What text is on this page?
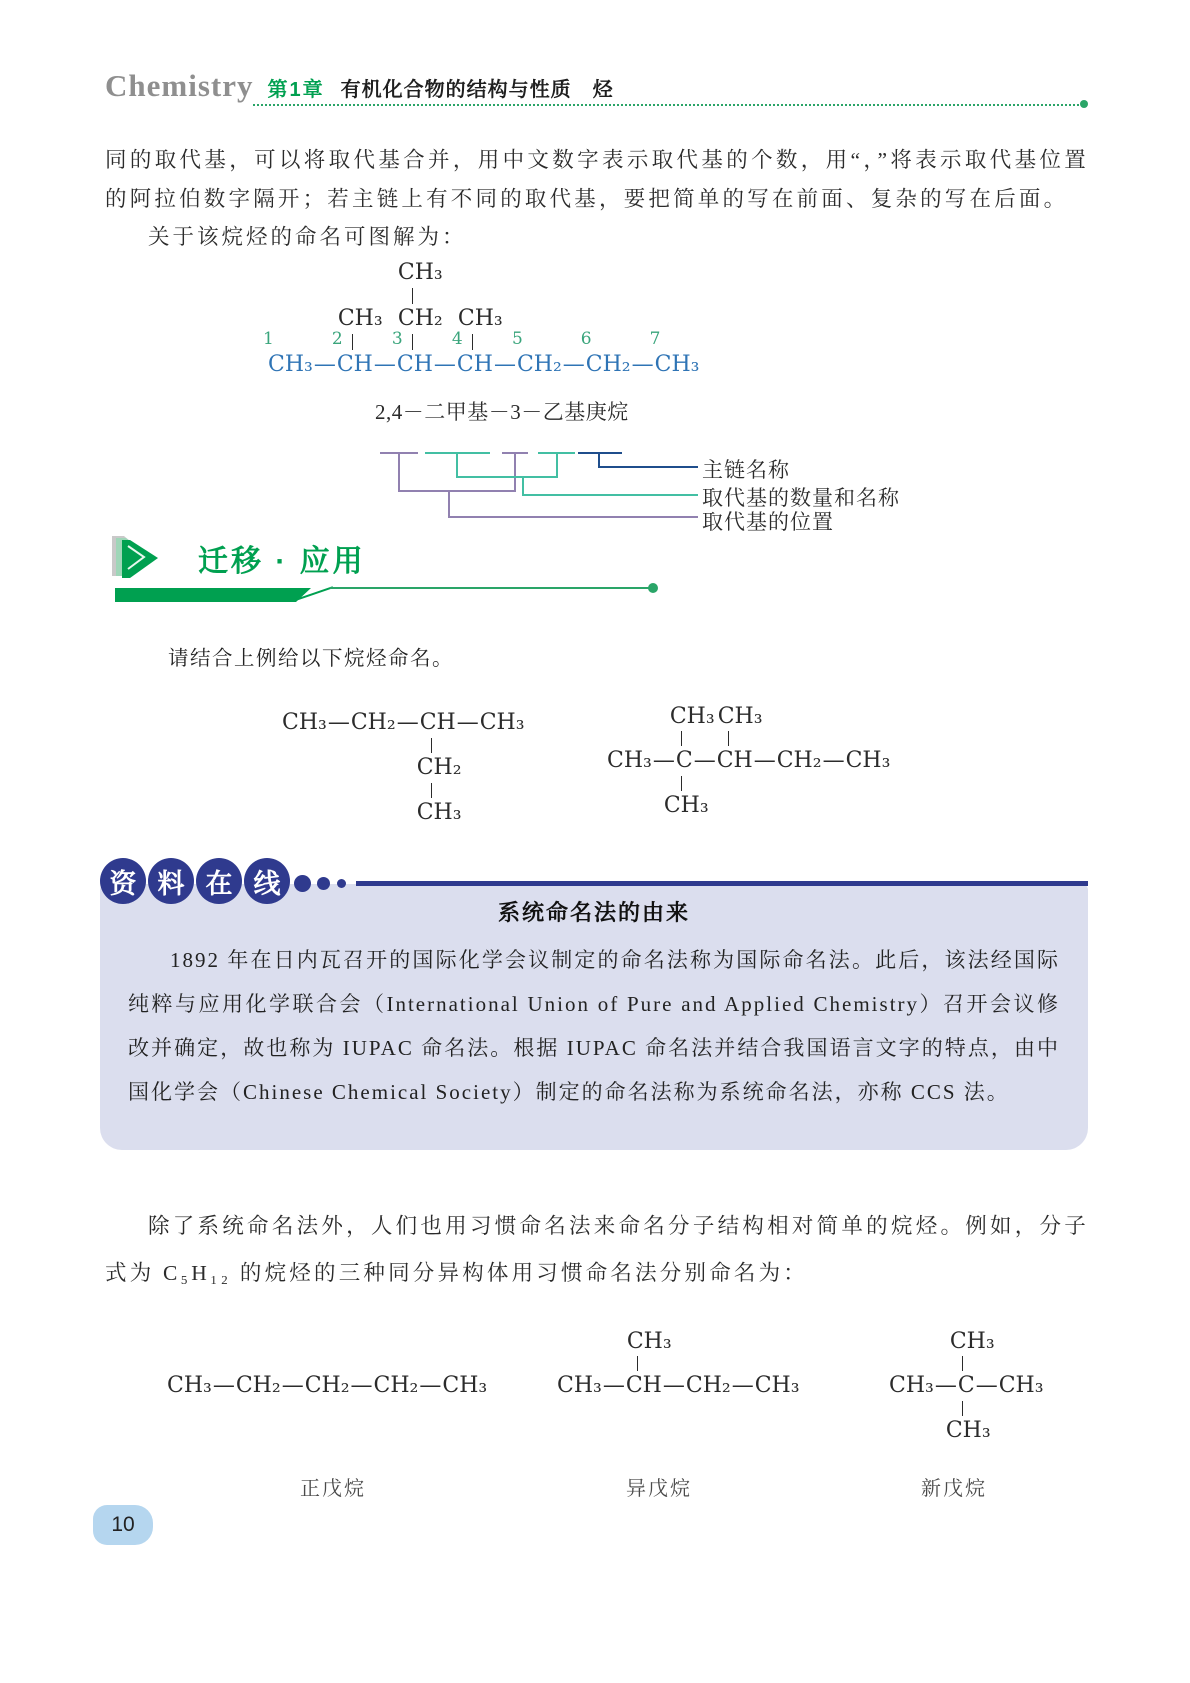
Chemistry 第1章 有机化合物的结构与性质　烃
同的取代基，可以将取代基合并，用中文数字表示取代基的个数，用“，”将表示取代基位置的阿拉伯数字隔开；若主链上有不同的取代基，要把简单的写在前面、复杂的写在后面。
关于该烷烃的命名可图解为：
1
CH₃ —
2
CH₃
CH —
3
CH₂
CH₃
CH —
4
CH₃
CH —
5
CH₂ —
6
CH₂ —
7
CH₃
2,4－二甲基－3－乙基庚烷
主链名称
取代基的数量和名称
取代基的位置
迁移 · 应用
请结合上例给以下烷烃命名。
CH₃ — CH₂ — CH
CH₂
CH₃
— CH₃
CH₃ —
CH₃
C
CH₃
—
CH₃
CH — CH₂ — CH₃
资 料 在 线
系统命名法的由来
1892 年在日内瓦召开的国际化学会议制定的命名法称为国际命名法。此后，该法经国际纯粹与应用化学联合会（International Union of Pure and Applied Chemistry）召开会议修改并确定，故也称为 IUPAC 命名法。根据 IUPAC 命名法并结合我国语言文字的特点，由中国化学会（Chinese Chemical Society）制定的命名法称为系统命名法，亦称 CCS 法。
除了系统命名法外，人们也用习惯命名法来命名分子结构相对简单的烷烃。例如，分子式为 C₅H₁₂ 的烷烃的三种同分异构体用习惯命名法分别命名为：
CH₃ — CH₂ — CH₂ — CH₂ — CH₃	CH₃ —
CH₃
CH — CH₂ — CH₃	CH₃ —
CH₃
C
CH₃
— CH₃
正戊烷	异戊烷	新戊烷
10
